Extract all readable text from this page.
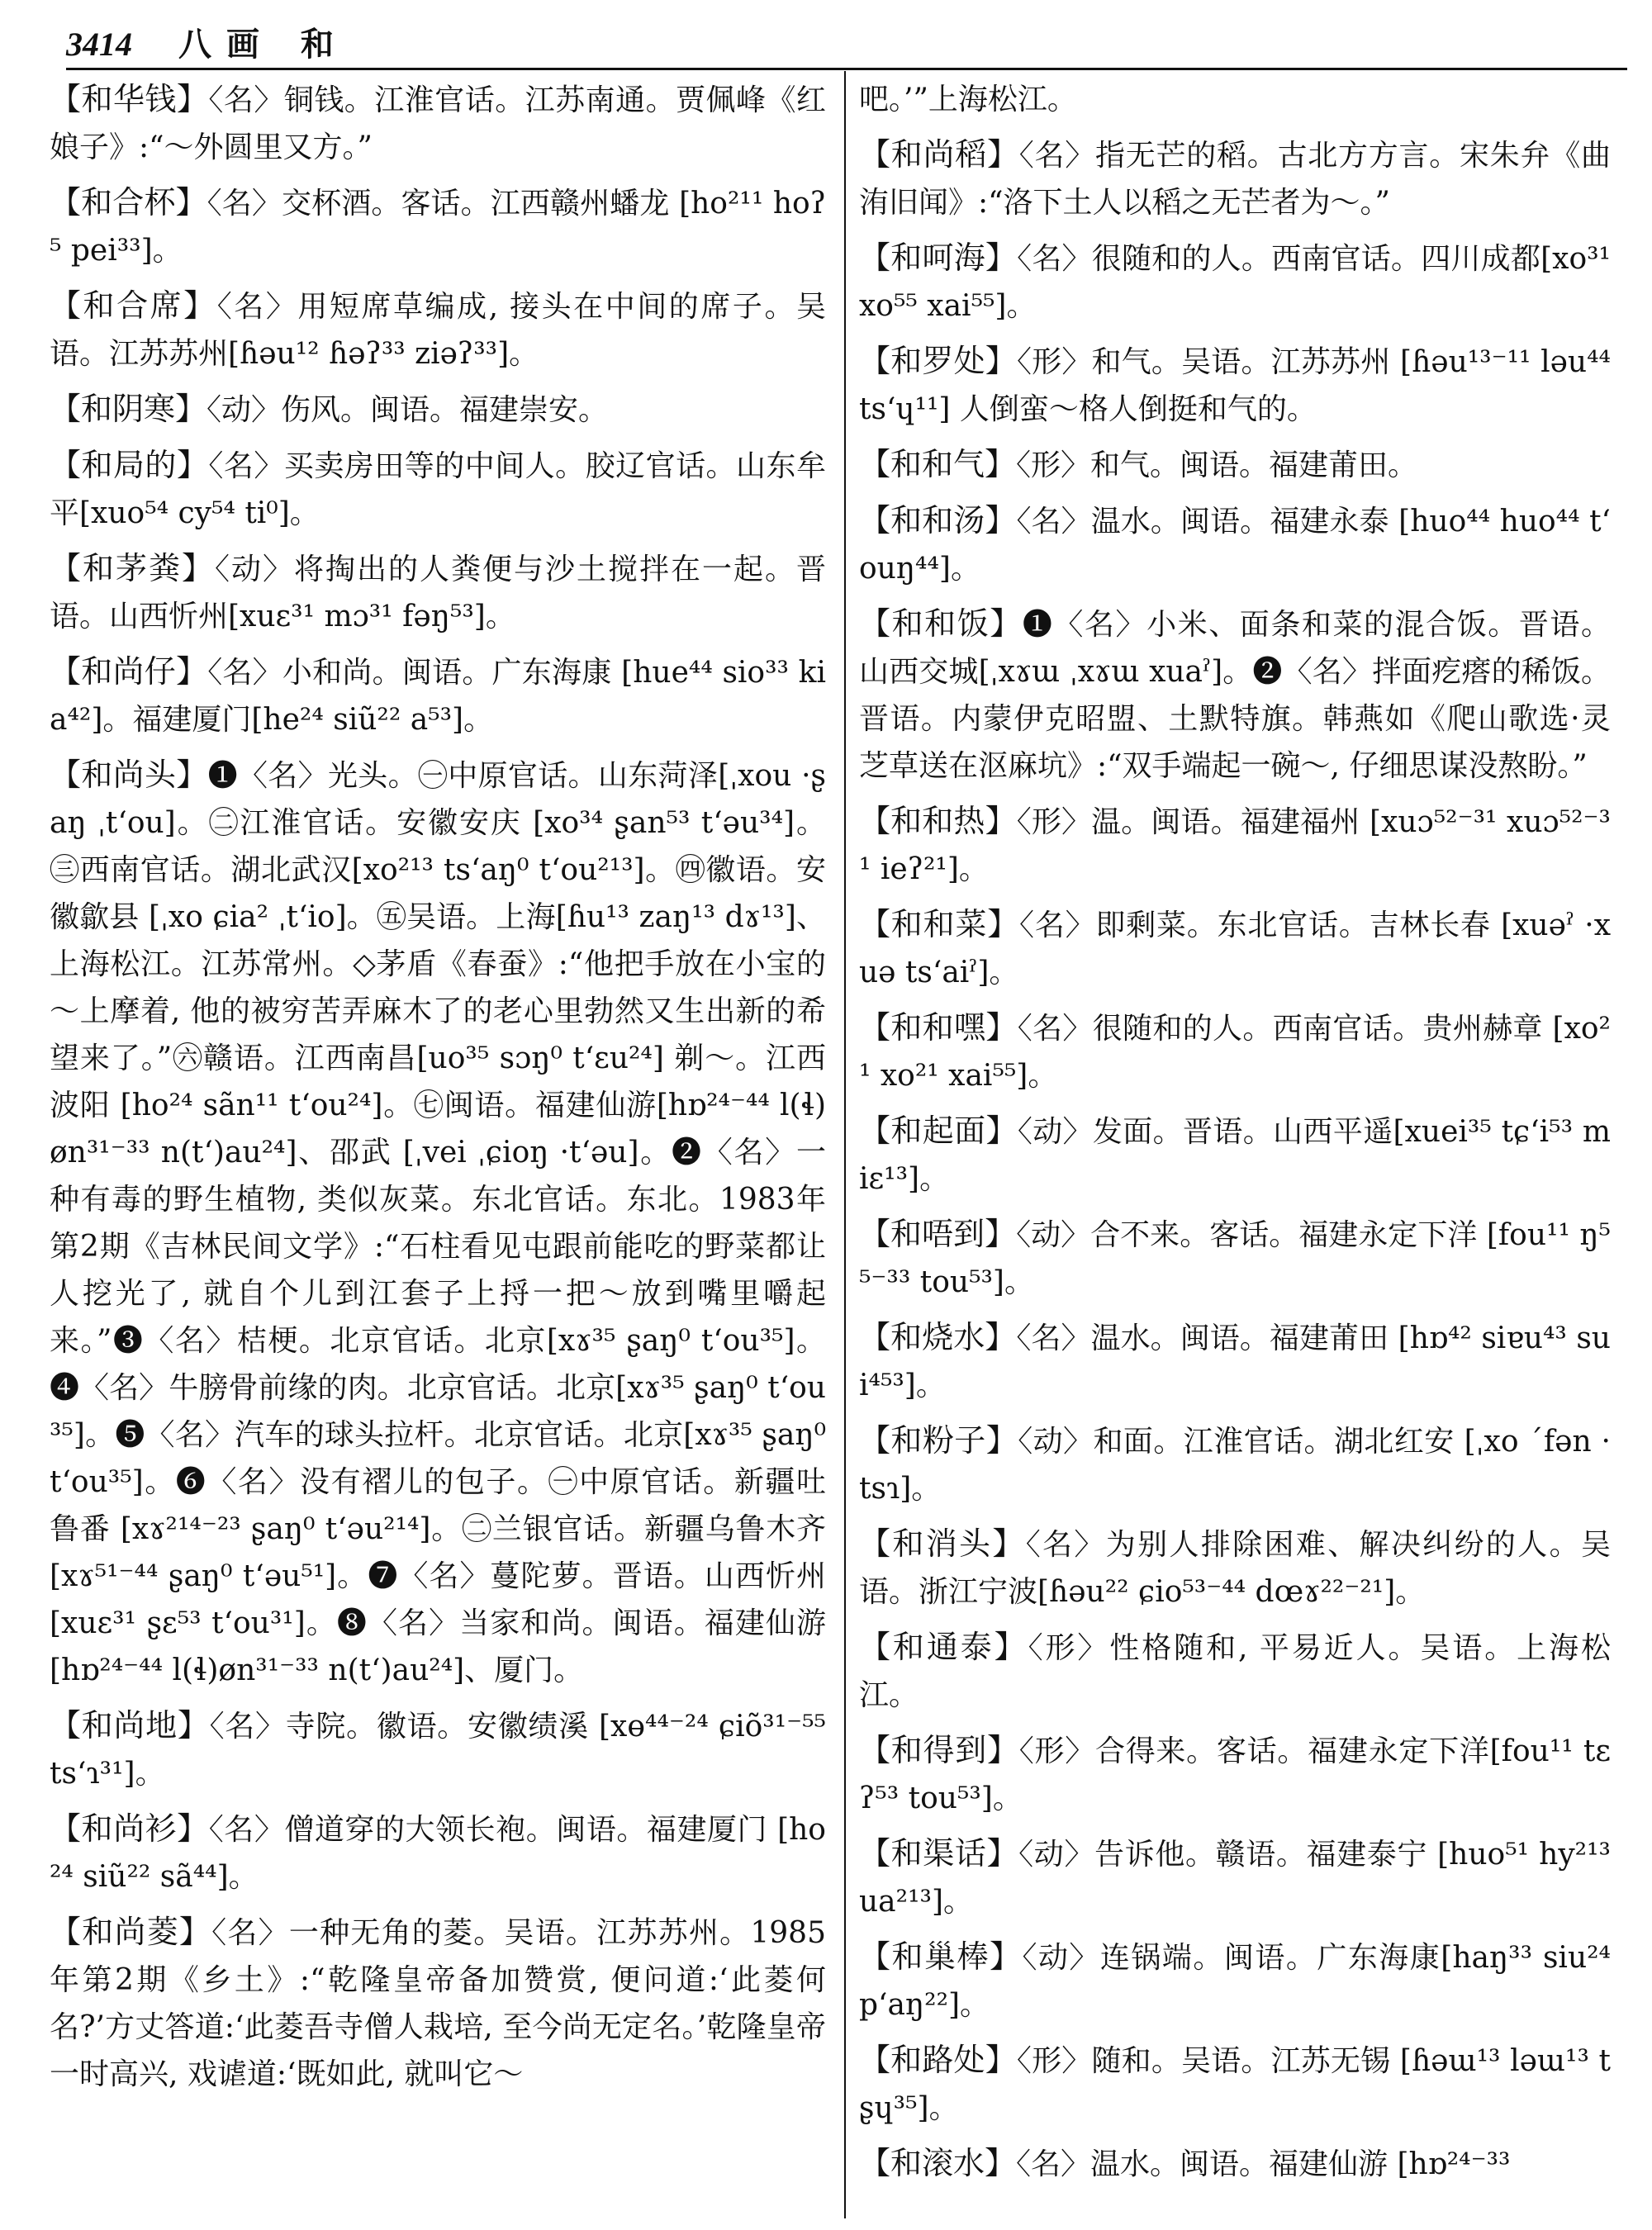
3414 八画 和
【和华钱】〈名〉铜钱。江淮官话。江苏南通。贾佩峰《红娘子》:“～外圆里又方。”
【和合杯】〈名〉交杯酒。客话。江西赣州蟠龙 [ho²¹¹ hoʔ⁵ pei³³]。
【和合席】〈名〉用短席草编成, 接头在中间的席子。吴语。江苏苏州[ɦəu¹² ɦəʔ³³ ziəʔ³³]。
【和阴寒】〈动〉伤风。闽语。福建崇安。
【和局的】〈名〉买卖房田等的中间人。胶辽官话。山东牟平[xuo⁵⁴ cy⁵⁴ ti⁰]。
【和茅粪】〈动〉将掏出的人粪便与沙土搅拌在一起。晋语。山西忻州[xuɛ³¹ mɔ³¹ fəŋ⁵³]。
【和尚仔】〈名〉小和尚。闽语。广东海康 [hue⁴⁴ sio³³ kia⁴²]。福建厦门[he²⁴ siũ²² a⁵³]。
【和尚头】❶〈名〉光头。㊀中原官话。山东菏泽[ˌxou ·ʂaŋ ˌtʻou]。㊁江淮官话。安徽安庆 [xo³⁴ ʂan⁵³ tʻəu³⁴]。㊂西南官话。湖北武汉[xo²¹³ tsʻaŋ⁰ tʻou²¹³]。㊃徽语。安徽歙县 [ˌxo ɕia² ˌtʻio]。㊄吴语。上海[ɦu¹³ zaŋ¹³ dɤ¹³]、上海松江。江苏常州。◇茅盾《春蚕》:“他把手放在小宝的～上摩着, 他的被穷苦弄麻木了的老心里勃然又生出新的希望来了。”㊅赣语。江西南昌[uo³⁵ sɔŋ⁰ tʻɛu²⁴] 剃～。江西波阳 [ho²⁴ sãn¹¹ tʻou²⁴]。㊆闽语。福建仙游[hɒ²⁴⁻⁴⁴ l(ɬ)øn³¹⁻³³ n(tʻ)au²⁴]、邵武 [ˌvei ˌɕioŋ ·tʻəu]。❷〈名〉一种有毒的野生植物, 类似灰菜。东北官话。东北。1983年第2期《吉林民间文学》:“石柱看见屯跟前能吃的野菜都让人挖光了, 就自个儿到江套子上捋一把～放到嘴里嚼起来。”❸〈名〉桔梗。北京官话。北京[xɤ³⁵ ʂaŋ⁰ tʻou³⁵]。❹〈名〉牛膀骨前缘的肉。北京官话。北京[xɤ³⁵ ʂaŋ⁰ tʻou³⁵]。❺〈名〉汽车的球头拉杆。北京官话。北京[xɤ³⁵ ʂaŋ⁰ tʻou³⁵]。❻〈名〉没有褶儿的包子。㊀中原官话。新疆吐鲁番 [xɤ²¹⁴⁻²³ ʂaŋ⁰ tʻəu²¹⁴]。㊁兰银官话。新疆乌鲁木齐 [xɤ⁵¹⁻⁴⁴ ʂaŋ⁰ tʻəu⁵¹]。❼〈名〉蔓陀萝。晋语。山西忻州[xuɛ³¹ ʂɛ⁵³ tʻou³¹]。❽〈名〉当家和尚。闽语。福建仙游 [hɒ²⁴⁻⁴⁴ l(ɬ)øn³¹⁻³³ n(tʻ)au²⁴]、厦门。
【和尚地】〈名〉寺院。徽语。安徽绩溪 [xɵ⁴⁴⁻²⁴ ɕiõ³¹⁻⁵⁵ tsʻɿ³¹]。
【和尚衫】〈名〉僧道穿的大领长袍。闽语。福建厦门 [ho²⁴ siũ²² sã⁴⁴]。
【和尚菱】〈名〉一种无角的菱。吴语。江苏苏州。1985年第2期《乡土》:“乾隆皇帝备加赞赏, 便问道:‘此菱何名?’方丈答道:‘此菱吾寺僧人栽培, 至今尚无定名。’乾隆皇帝一时高兴, 戏谑道:‘既如此, 就叫它～
吧。’”上海松江。
【和尚稻】〈名〉指无芒的稻。古北方方言。宋朱弁《曲洧旧闻》:“洛下土人以稻之无芒者为～。”
【和呵海】〈名〉很随和的人。西南官话。四川成都[xo³¹ xo⁵⁵ xai⁵⁵]。
【和罗处】〈形〉和气。吴语。江苏苏州 [ɦəu¹³⁻¹¹ ləu⁴⁴ tsʻɥ¹¹] 人倒蛮～格人倒挺和气的。
【和和气】〈形〉和气。闽语。福建莆田。
【和和汤】〈名〉温水。闽语。福建永泰 [huo⁴⁴ huo⁴⁴ tʻouŋ⁴⁴]。
【和和饭】❶〈名〉小米、面条和菜的混合饭。晋语。山西交城[ˌxɤɯ ˌxɤɯ xuaˀ]。❷〈名〉拌面疙瘩的稀饭。晋语。内蒙伊克昭盟、土默特旗。韩燕如《爬山歌选·灵芝草送在沤麻坑》:“双手端起一碗～, 仔细思谋没熬盼。”
【和和热】〈形〉温。闽语。福建福州 [xuɔ⁵²⁻³¹ xuɔ⁵²⁻³¹ ieʔ²¹]。
【和和菜】〈名〉即剩菜。东北官话。吉林长春 [xuəˀ ·xuə tsʻaiˀ]。
【和和嘿】〈名〉很随和的人。西南官话。贵州赫章 [xo²¹ xo²¹ xai⁵⁵]。
【和起面】〈动〉发面。晋语。山西平遥[xuei³⁵ tɕʻi⁵³ miɛ¹³]。
【和唔到】〈动〉合不来。客话。福建永定下洋 [fou¹¹ ŋ⁵⁵⁻³³ tou⁵³]。
【和烧水】〈名〉温水。闽语。福建莆田 [hɒ⁴² siɐu⁴³ sui⁴⁵³]。
【和粉子】〈动〉和面。江淮官话。湖北红安 [ˌxo ˊfən ·tsɿ]。
【和消头】〈名〉为别人排除困难、解决纠纷的人。吴语。浙江宁波[ɦəu²² ɕio⁵³⁻⁴⁴ dœɤ²²⁻²¹]。
【和通泰】〈形〉性格随和, 平易近人。吴语。上海松江。
【和得到】〈形〉合得来。客话。福建永定下洋[fou¹¹ tɛʔ⁵³ tou⁵³]。
【和渠话】〈动〉告诉他。赣语。福建泰宁 [huo⁵¹ hy²¹³ ua²¹³]。
【和巢棒】〈动〉连锅端。闽语。广东海康[haŋ³³ siu²⁴ pʻaŋ²²]。
【和路处】〈形〉随和。吴语。江苏无锡 [ɦəɯ¹³ ləɯ¹³ tʂɥ³⁵]。
【和滚水】〈名〉温水。闽语。福建仙游 [hɒ²⁴⁻³³
